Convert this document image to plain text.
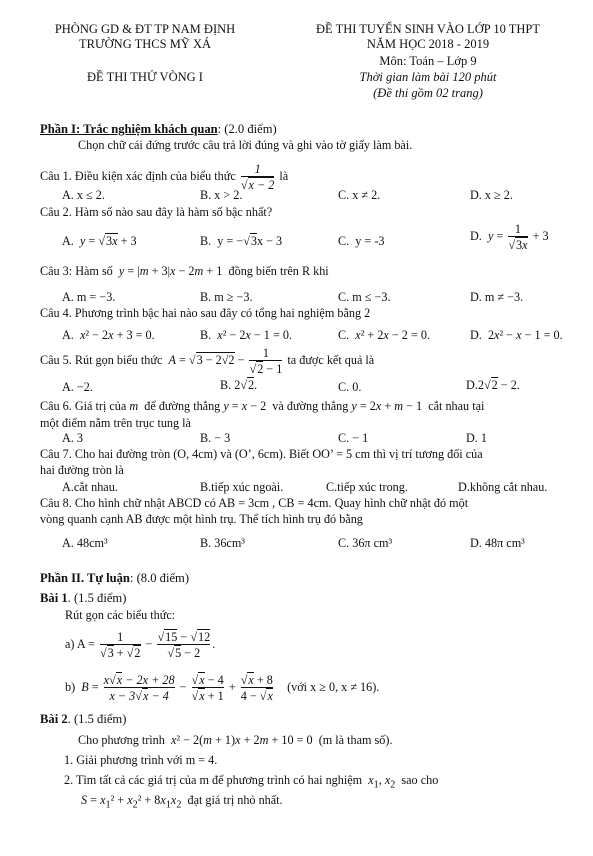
PHÒNG GD & ĐT TP NAM ĐỊNH
TRƯỜNG THCS MỸ XÁ
ĐỀ THI THỬ VÒNG I
ĐỀ THI TUYỂN SINH VÀO LỚP 10 THPT
NĂM HỌC 2018 - 2019
Môn: Toán – Lớp 9
Thời gian làm bài 120 phút
(Đề thi gồm 02 trang)
Phần I: Trắc nghiệm khách quan: (2.0 điểm)
Chọn chữ cái đứng trước câu trả lời đúng và ghi vào tờ giấy làm bài.
Câu 1. Điều kiện xác định của biểu thức $\frac{1}{√x - 2}$ là
A. x ≤ 2.	B. x > 2.	C. x ≠ 2.	D. x ≥ 2.
Câu 2. Hàm số nào sau đây là hàm số bậc nhất?
A. y = √3x + 3	B.  y = −√3x − 3	C.  y = -3	D. $y = \frac{1}{√3x} + 3$
Câu 3: Hàm số  y = |m + 3|x − 2m + 1  đồng biến trên R khi
A. m = −3.	B. m ≥ −3.	C. m ≤ −3.	D. m ≠ −3.
Câu 4. Phương trình bậc hai nào sau đây có tổng hai nghiệm bằng 2
A. x² − 2x + 3 = 0.	B. x² − 2x − 1 = 0.	C. x² + 2x − 2 = 0.	D.  2x² − x − 1 = 0.
Câu 5. Rút gọn biểu thức  $A = √3 - 2√2 - \frac{1}{√2 - 1}$ ta được kết quả là
A. −2.	B. 2√2.	C. 0.	D.2√2 − 2.
Câu 6. Giá trị của m để đường thẳng y = x − 2  và đường thẳng y = 2x + m − 1  cắt nhau tại
một điểm nằm trên trục tung là
A. 3	B. − 3	C. − 1	D. 1
Câu 7. Cho hai đường tròn (O, 4cm) và (O’, 6cm). Biết OO’ = 5 cm thì vị trí tương đối của
hai đường tròn là
A.cắt nhau.	B.tiếp xúc ngoài.	C.tiếp xúc trong.	D.không cắt nhau.
Câu 8. Cho hình chữ nhật ABCD có AB = 3cm , CB = 4cm. Quay hình chữ nhật đó một
vòng quanh cạnh AB được một hình trụ. Thể tích hình trụ đó bằng
A. 48cm³	B. 36cm³	C. 36π cm³	D. 48π cm³
Phần II. Tự luận: (8.0 điểm)
Bài 1. (1.5 điểm)
Rút gọn các biểu thức:
a) $A = \frac{1}{√3 + √2} - \frac{√15 - √12}{√5 - 2}$ .
b) $B = \frac{x√x - 2x + 28}{x - 3√x - 4} - \frac{√x - 4}{√x + 1} + \frac{√x + 8}{4 - √x}$ (với x ≥ 0, x ≠ 16).
Bài 2. (1.5 điểm)
Cho phương trình x² − 2(m + 1)x + 2m + 10 = 0  (m là tham số).
1. Giải phương trình với m = 4.
2. Tìm tất cả các giá trị của m để phương trình có hai nghiệm $x_1$, $x_2$ sao cho
$S = x_1^2 + x_2^2 + 8x_1x_2$ đạt giá trị nhỏ nhất.
